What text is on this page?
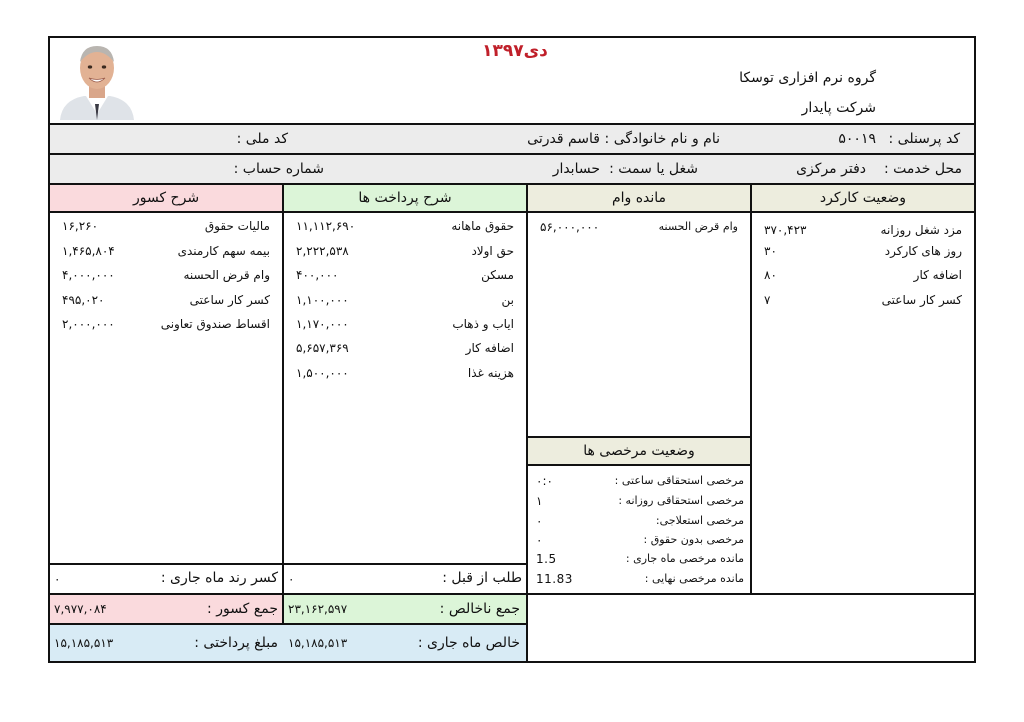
دی۱۳۹۷
گروه نرم افزاری توسکا
شرکت پایدار
کد پرسنلی :
۵۰۰۱۹
نام و نام خانوادگی :
قاسم قدرتی
کد ملی :
محل خدمت :
دفتر مرکزی
شغل یا سمت :
حسابدار
شماره حساب :
وضعیت کارکرد
مانده وام
شرح پرداخت ها
شرح کسور
مزد شغل روزانه
۳۷۰,۴۲۳
روز های کارکرد
۳۰
اضافه کار
۸۰
کسر کار ساعتی
۷
وام قرض الحسنه
۵۶,۰۰۰,۰۰۰
وضعیت مرخصی ها
مرخصی استحقاقی ساعتی :
۰:۰
مرخصی استحقاقی روزانه :
۱
مرخصی استعلاجی:
۰
مرخصی بدون حقوق :
۰
مانده مرخصی ماه جاری :
1.5
مانده مرخصی نهایی :
11.83
حقوق ماهانه
۱۱,۱۱۲,۶۹۰
حق اولاد
۲,۲۲۲,۵۳۸
مسکن
۴۰۰,۰۰۰
بن
۱,۱۰۰,۰۰۰
ایاب و ذهاب
۱,۱۷۰,۰۰۰
اضافه کار
۵,۶۵۷,۳۶۹
هزینه غذا
۱,۵۰۰,۰۰۰
مالیات حقوق
۱۶,۲۶۰
بیمه سهم کارمندی
۱,۴۶۵,۸۰۴
وام قرض الحسنه
۴,۰۰۰,۰۰۰
کسر کار ساعتی
۴۹۵,۰۲۰
اقساط صندوق تعاونی
۲,۰۰۰,۰۰۰
طلب از قبل :
۰
کسر رند ماه جاری :
۰
جمع ناخالص :
۲۳,۱۶۲,۵۹۷
جمع کسور :
۷,۹۷۷,۰۸۴
خالص ماه جاری :
۱۵,۱۸۵,۵۱۳
مبلغ پرداختی :
۱۵,۱۸۵,۵۱۳
